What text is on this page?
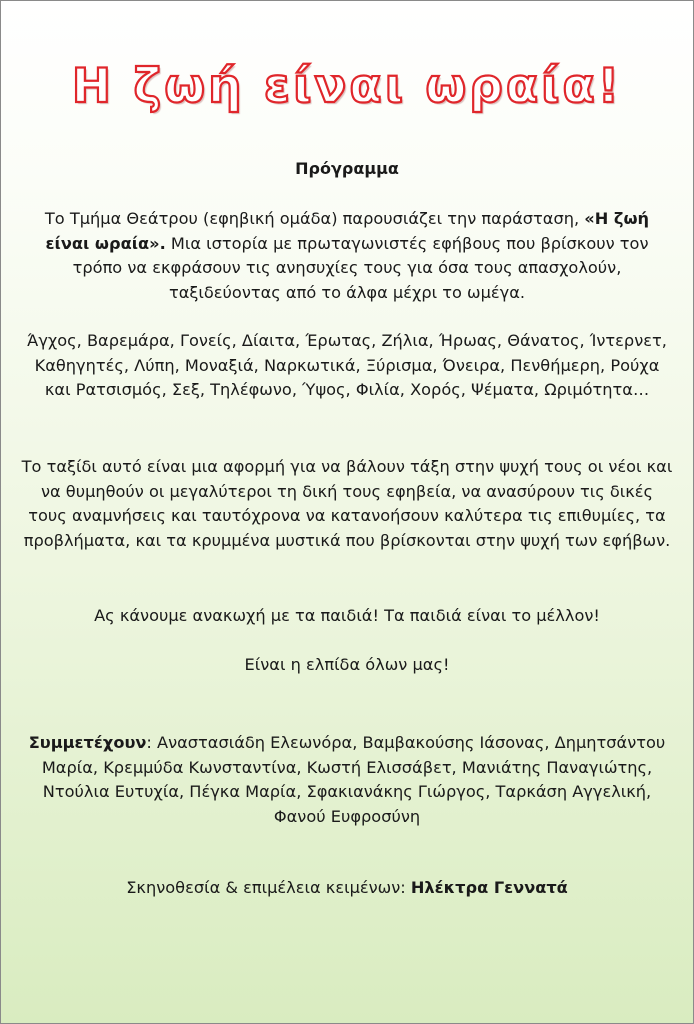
Η ζωή είναι ωραία!
Πρόγραμμα
Το Τμήμα Θεάτρου (εφηβική ομάδα) παρουσιάζει την παράσταση, «Η ζωή είναι ωραία». Μια ιστορία με πρωταγωνιστές εφήβους που βρίσκουν τον τρόπο να εκφράσουν τις ανησυχίες τους για όσα τους απασχολούν, ταξιδεύοντας από το άλφα μέχρι το ωμέγα.
Άγχος, Βαρεμάρα, Γονείς, Δίαιτα, Έρωτας, Ζήλια, Ήρωας, Θάνατος, Ίντερνετ, Καθηγητές, Λύπη, Μοναξιά, Ναρκωτικά, Ξύρισμα, Όνειρα, Πενθήμερη, Ρούχα και Ρατσισμός, Σεξ, Τηλέφωνο, Ύψος, Φιλία, Χορός, Ψέματα, Ωριμότητα…
Το ταξίδι αυτό είναι μια αφορμή για να βάλουν τάξη στην ψυχή τους οι νέοι και να θυμηθούν οι μεγαλύτεροι τη δική τους εφηβεία, να ανασύρουν τις δικές τους αναμνήσεις και ταυτόχρονα να κατανοήσουν καλύτερα τις επιθυμίες, τα προβλήματα, και τα κρυμμένα μυστικά που βρίσκονται στην ψυχή των εφήβων.
Ας κάνουμε ανακωχή με τα παιδιά! Τα παιδιά είναι το μέλλον!
Είναι η ελπίδα όλων μας!
Συμμετέχουν: Αναστασιάδη Ελεωνόρα, Βαμβακούσης Ιάσονας, Δημητσάντου Μαρία, Κρεμμύδα Κωνσταντίνα, Κωστή Ελισσάβετ, Μανιάτης Παναγιώτης, Ντούλια Ευτυχία, Πέγκα Μαρία, Σφακιανάκης Γιώργος, Ταρκάση Αγγελική, Φανού Ευφροσύνη
Σκηνοθεσία & επιμέλεια κειμένων: Ηλέκτρα Γεννατά
